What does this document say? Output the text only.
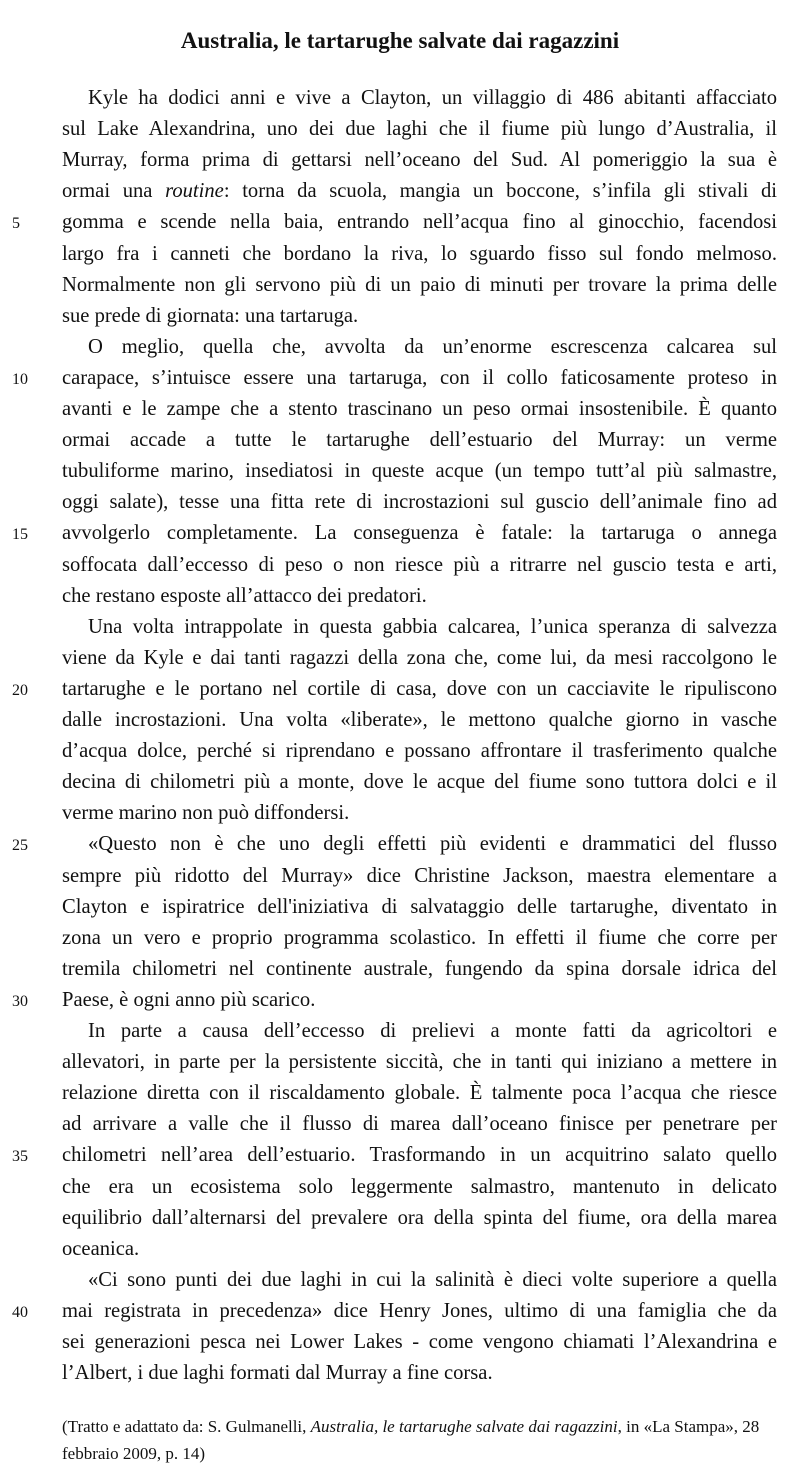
Australia, le tartarughe salvate dai ragazzini
Kyle ha dodici anni e vive a Clayton, un villaggio di 486 abitanti affacciato
sul Lake Alexandrina, uno dei due laghi che il fiume più lungo d’Australia, il
Murray, forma prima di gettarsi nell’oceano del Sud. Al pomeriggio la sua è
ormai una routine: torna da scuola, mangia un boccone, s’infila gli stivali di
gomma e scende nella baia, entrando nell’acqua fino al ginocchio, facendosi
largo fra i canneti che bordano la riva, lo sguardo fisso sul fondo melmoso.
Normalmente non gli servono più di un paio di minuti per trovare la prima delle
sue prede di giornata: una tartaruga.
O meglio, quella che, avvolta da un’enorme escrescenza calcarea sul
carapace, s’intuisce essere una tartaruga, con il collo faticosamente proteso in
avanti e le zampe che a stento trascinano un peso ormai insostenibile. È quanto
ormai accade a tutte le tartarughe dell’estuario del Murray: un verme
tubuliforme marino, insediatosi in queste acque (un tempo tutt’al più salmastre,
oggi salate), tesse una fitta rete di incrostazioni sul guscio dell’animale fino ad
avvolgerlo completamente. La conseguenza è fatale: la tartaruga o annega
soffocata dall’eccesso di peso o non riesce più a ritrarre nel guscio testa e arti,
che restano esposte all’attacco dei predatori.
Una volta intrappolate in questa gabbia calcarea, l’unica speranza di salvezza
viene da Kyle e dai tanti ragazzi della zona che, come lui, da mesi raccolgono le
tartarughe e le portano nel cortile di casa, dove con un cacciavite le ripuliscono
dalle incrostazioni. Una volta «liberate», le mettono qualche giorno in vasche
d’acqua dolce, perché si riprendano e possano affrontare il trasferimento qualche
decina di chilometri più a monte, dove le acque del fiume sono tuttora dolci e il
verme marino non può diffondersi.
«Questo non è che uno degli effetti più evidenti e drammatici del flusso
sempre più ridotto del Murray» dice Christine Jackson, maestra elementare a
Clayton e ispiratrice dell'iniziativa di salvataggio delle tartarughe, diventato in
zona un vero e proprio programma scolastico. In effetti il fiume che corre per
tremila chilometri nel continente australe, fungendo da spina dorsale idrica del
Paese, è ogni anno più scarico.
In parte a causa dell’eccesso di prelievi a monte fatti da agricoltori e
allevatori, in parte per la persistente siccità, che in tanti qui iniziano a mettere in
relazione diretta con il riscaldamento globale. È talmente poca l’acqua che riesce
ad arrivare a valle che il flusso di marea dall’oceano finisce per penetrare per
chilometri nell’area dell’estuario. Trasformando in un acquitrino salato quello
che era un ecosistema solo leggermente salmastro, mantenuto in delicato
equilibrio dall’alternarsi del prevalere ora della spinta del fiume, ora della marea
oceanica.
«Ci sono punti dei due laghi in cui la salinità è dieci volte superiore a quella
mai registrata in precedenza» dice Henry Jones, ultimo di una famiglia che da
sei generazioni pesca nei Lower Lakes - come vengono chiamati l’Alexandrina e
l’Albert, i due laghi formati dal Murray a fine corsa.
5
10
15
20
25
30
35
40
(Tratto e adattato da: S. Gulmanelli, Australia, le tartarughe salvate dai ragazzini, in «La Stampa», 28 febbraio 2009, p. 14)
